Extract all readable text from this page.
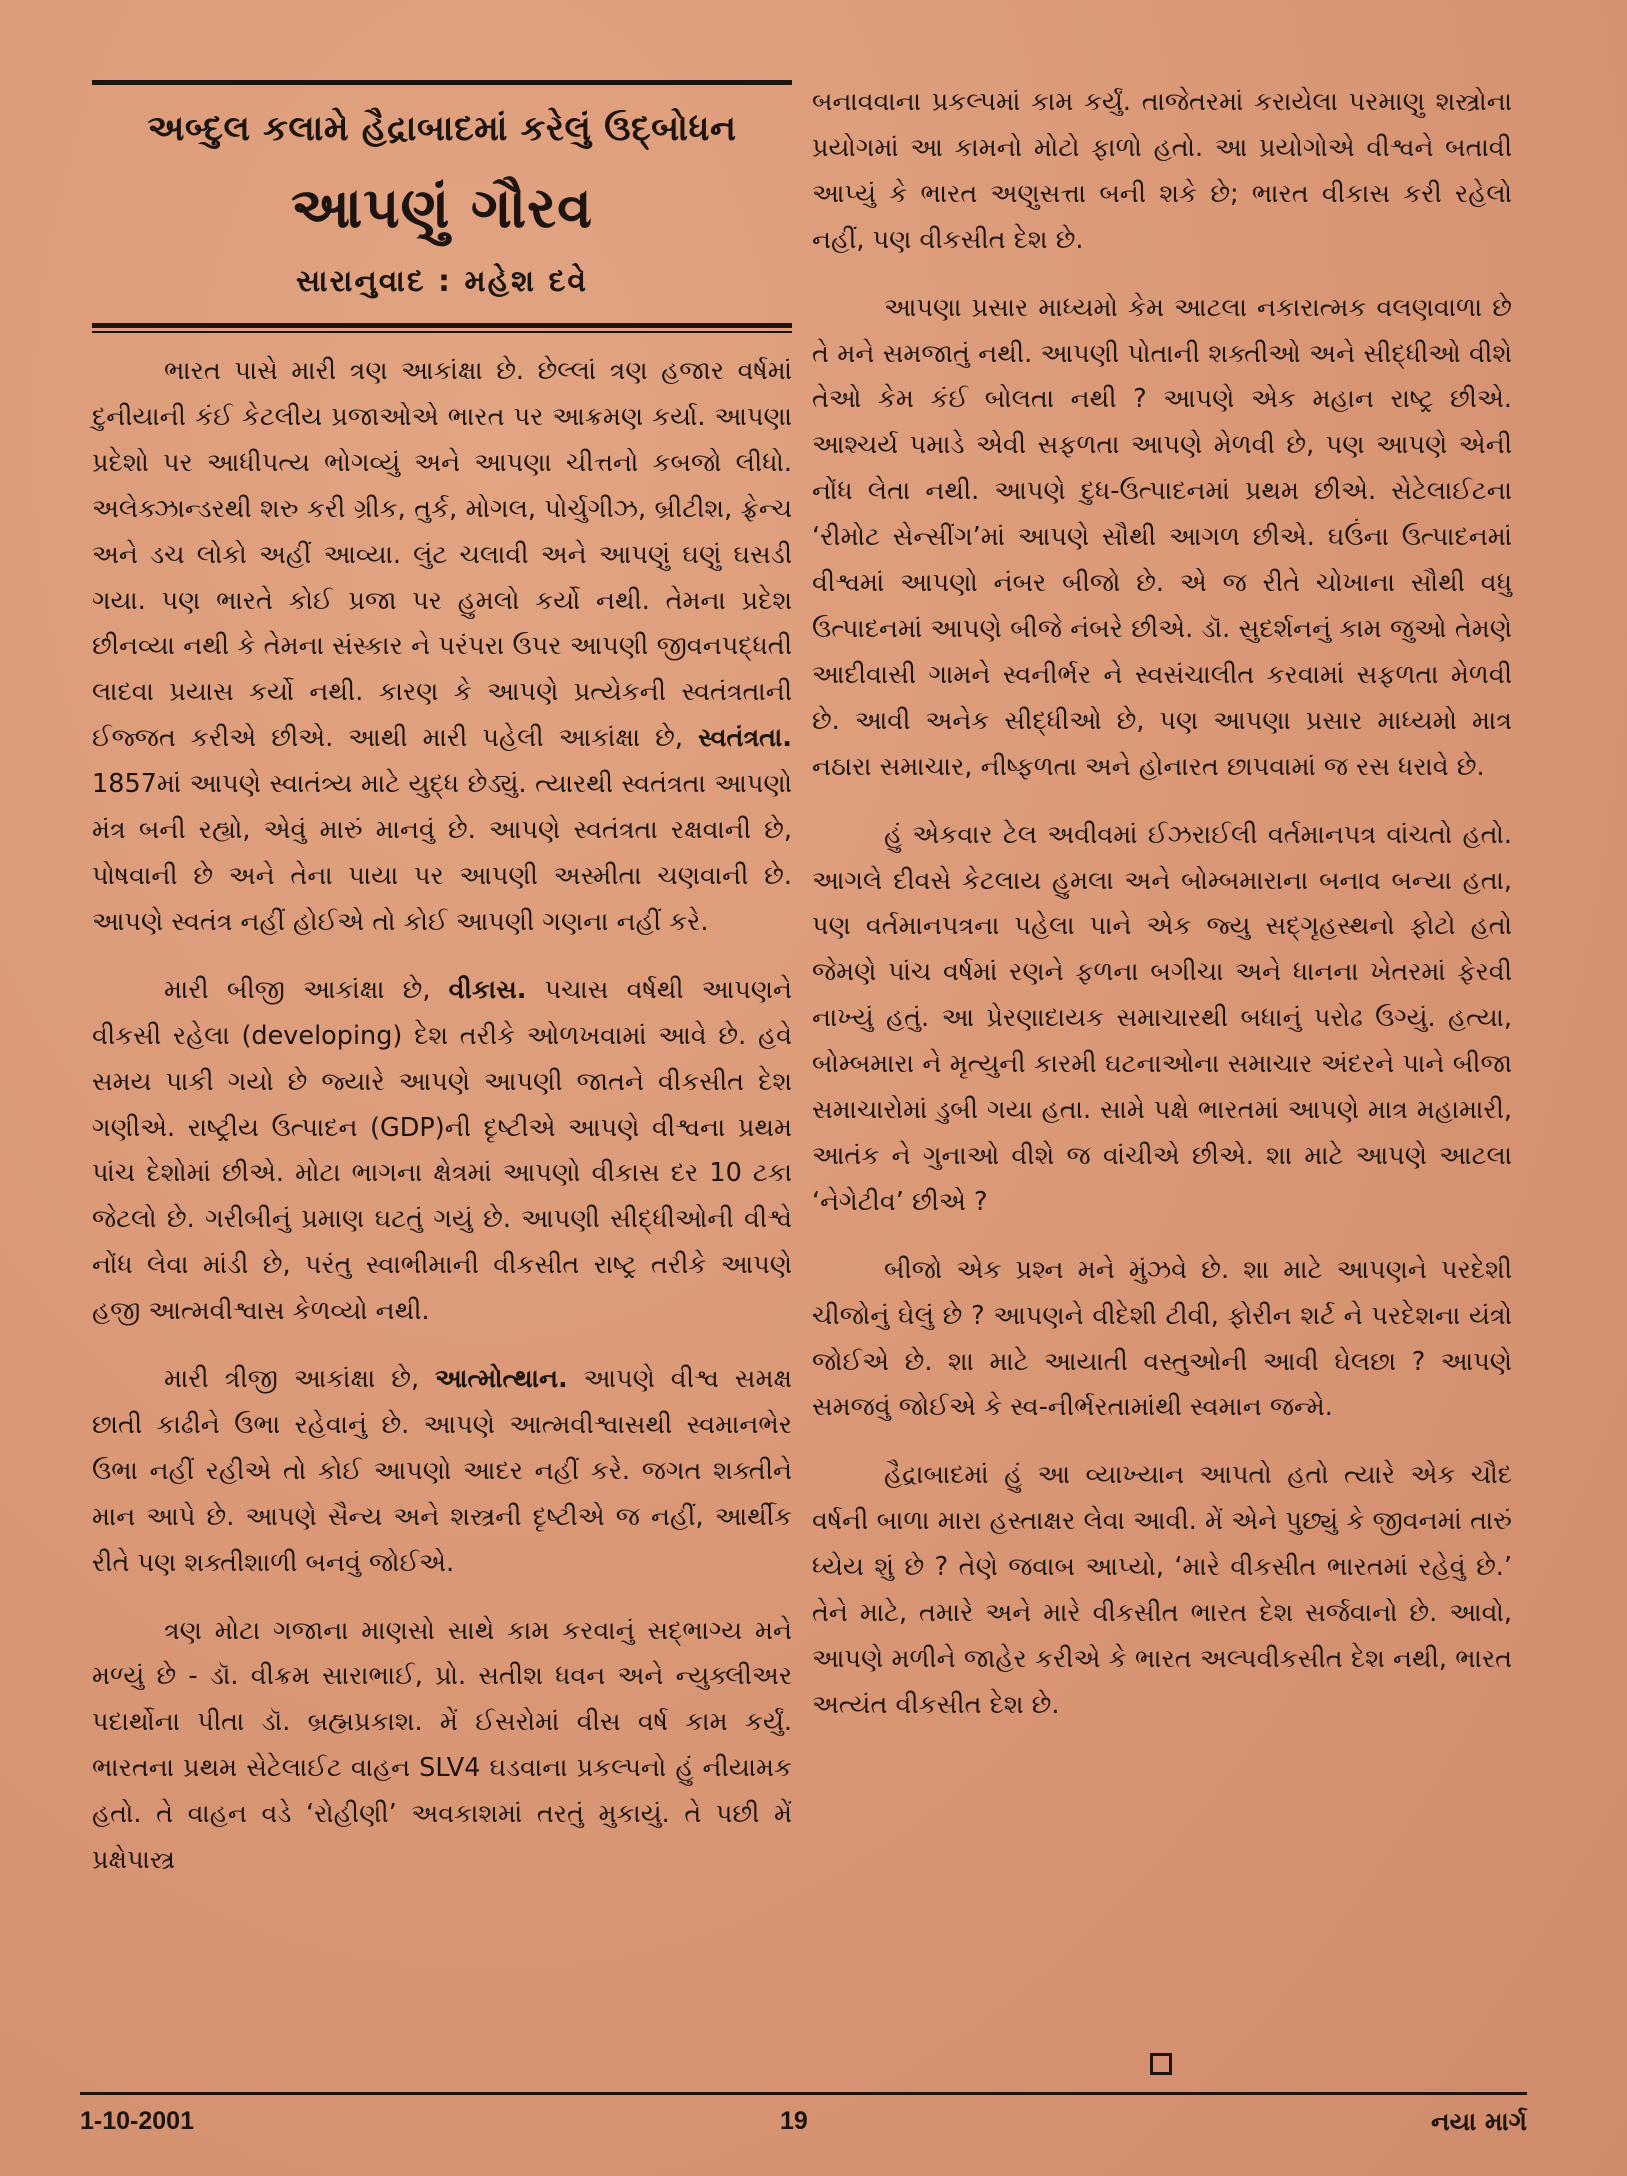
અબ્દુલ કલામે હૈદ્રાબાદમાં કરેલું ઉદ્‌બોધન
આપણું ગૌરવ
સારાનુવાદ : મહેશ દવે

ભારત પાસે મારી ત્રણ આકાંક્ષા છે. છેલ્લાં ત્રણ હજાર વર્ષમાં દુનીયાની કંઈ કેટલીય પ્રજાઓએ ભારત પર આક્રમણ કર્યા. આપણા પ્રદેશો પર આધીપત્ય ભોગવ્યું અને આપણા ચીત્તનો કબજો લીધો. અલેક્ઝાન્ડરથી શરુ કરી ગ્રીક, તુર્ક, મોગલ, પોર્ચુગીઝ, બ્રીટીશ, ફ્રેન્ચ અને ડચ લોકો અહીં આવ્યા. લુંટ ચલાવી અને આપણું ઘણું ઘસડી ગયા. પણ ભારતે કોઈ પ્રજા પર હુમલો કર્યો નથી. તેમના પ્રદેશ છીનવ્યા નથી કે તેમના સંસ્કાર ને પરંપરા ઉપર આપણી જીવનપદ્ધતી લાદવા પ્રયાસ કર્યો નથી. કારણ કે આપણે પ્રત્યેકની સ્વતંત્રતાની ઈજ્જત કરીએ છીએ. આથી મારી પહેલી આકાંક્ષા છે, સ્વતંત્રતા. 1857માં આપણે સ્વાતંત્ર્ય માટે યુદ્ધ છેડ્યું. ત્યારથી સ્વતંત્રતા આપણો મંત્ર બની રહ્યો, એવું મારું માનવું છે. આપણે સ્વતંત્રતા રક્ષવાની છે, પોષવાની છે અને તેના પાયા પર આપણી અસ્મીતા ચણવાની છે. આપણે સ્વતંત્ર નહીં હોઈએ તો કોઈ આપણી ગણના નહીં કરે.

મારી બીજી આકાંક્ષા છે, વીકાસ. પચાસ વર્ષથી આપણને વીકસી રહેલા (developing) દેશ તરીકે ઓળખવામાં આવે છે. હવે સમય પાકી ગયો છે જ્યારે આપણે આપણી જાતને વીકસીત દેશ ગણીએ. રાષ્ટ્રીય ઉત્પાદન (GDP)ની દૃષ્ટીએ આપણે વીશ્વના પ્રથમ પાંચ દેશોમાં છીએ. મોટા ભાગના ક્ષેત્રમાં આપણો વીકાસ દર 10 ટકા જેટલો છે. ગરીબીનું પ્રમાણ ઘટતું ગયું છે. આપણી સીદ્ધીઓની વીશ્વે નોંધ લેવા માંડી છે, પરંતુ સ્વાભીમાની વીકસીત રાષ્ટ્ર તરીકે આપણે હજી આત્મવીશ્વાસ કેળવ્યો નથી.

મારી ત્રીજી આકાંક્ષા છે, આત્મોત્થાન. આપણે વીશ્વ સમક્ષ છાતી કાઢીને ઉભા રહેવાનું છે. આપણે આત્મવીશ્વાસથી સ્વમાનભેર ઉભા નહીં રહીએ તો કોઈ આપણો આદર નહીં કરે. જગત શક્તીને માન આપે છે. આપણે સૈન્ય અને શસ્ત્રની દૃષ્ટીએ જ નહીં, આર્થીક રીતે પણ શક્તીશાળી બનવું જોઈએ.

ત્રણ મોટા ગજાના માણસો સાથે કામ કરવાનું સદ્‌ભાગ્ય મને મળ્યું છે - ડૉ. વીક્રમ સારાભાઈ, પ્રો. સતીશ ધવન અને ન્યુક્લીઅર પદાર્થોના પીતા ડૉ. બ્રહ્મપ્રકાશ. મેં ઈસરોમાં વીસ વર્ષ કામ કર્યું. ભારતના પ્રથમ સેટેલાઈટ વાહન SLV4 ઘડવાના પ્રકલ્પનો હું નીયામક હતો. તે વાહન વડે ‘રોહીણી’ અવકાશમાં તરતું મુકાયું. તે પછી મેં પ્રક્ષેપાસ્ત્ર

બનાવવાના પ્રકલ્પમાં કામ કર્યું. તાજેતરમાં કરાયેલા પરમાણુ શસ્ત્રોના પ્રયોગમાં આ કામનો મોટો ફાળો હતો. આ પ્રયોગોએ વીશ્વને બતાવી આપ્યું કે ભારત અણુસત્તા બની શકે છે; ભારત વીકાસ કરી રહેલો નહીં, પણ વીકસીત દેશ છે.

આપણા પ્રસાર માધ્યમો કેમ આટલા નકારાત્મક વલણવાળા છે તે મને સમજાતું નથી. આપણી પોતાની શક્તીઓ અને સીદ્ધીઓ વીશે તેઓ કેમ કંઈ બોલતા નથી ? આપણે એક મહાન રાષ્ટ્ર છીએ. આશ્ચર્ય પમાડે એવી સફળતા આપણે મેળવી છે, પણ આપણે એની નોંધ લેતા નથી. આપણે દુધ-ઉત્પાદનમાં પ્રથમ છીએ. સેટેલાઈટના ‘રીમોટ સેન્સીંગ’માં આપણે સૌથી આગળ છીએ. ઘઉંના ઉત્પાદનમાં વીશ્વમાં આપણો નંબર બીજો છે. એ જ રીતે ચોખાના સૌથી વધુ ઉત્પાદનમાં આપણે બીજે નંબરે છીએ. ડૉ. સુદર્શનનું કામ જુઓ તેમણે આદીવાસી ગામને સ્વનીર્ભર ને સ્વસંચાલીત કરવામાં સફળતા મેળવી છે. આવી અનેક સીદ્ધીઓ છે, પણ આપણા પ્રસાર માધ્યમો માત્ર નઠારા સમાચાર, નીષ્ફળતા અને હોનારત છાપવામાં જ રસ ધરાવે છે.

હું એકવાર ટેલ અવીવમાં ઈઝરાઈલી વર્તમાનપત્ર વાંચતો હતો. આગલે દીવસે કેટલાય હુમલા અને બોમ્બમારાના બનાવ બન્યા હતા, પણ વર્તમાનપત્રના પહેલા પાને એક જ્યુ સદ્‌ગૃહસ્થનો ફોટો હતો જેમણે પાંચ વર્ષમાં રણને ફળના બગીચા અને ધાનના ખેતરમાં ફેરવી નાખ્યું હતું. આ પ્રેરણાદાયક સમાચારથી બધાનું પરોઢ ઉગ્યું. હત્યા, બોમ્બમારા ને મૃત્યુની કારમી ઘટનાઓના સમાચાર અંદરને પાને બીજા સમાચારોમાં ડુબી ગયા હતા. સામે પક્ષે ભારતમાં આપણે માત્ર મહામારી, આતંક ને ગુનાઓ વીશે જ વાંચીએ છીએ. શા માટે આપણે આટલા ‘નેગેટીવ’ છીએ ?

બીજો એક પ્રશ્ન મને મુંઝવે છે. શા માટે આપણને પરદેશી ચીજોનું ઘેલું છે ? આપણને વીદેશી ટીવી, ફોરીન શર્ટ ને પરદેશના યંત્રો જોઈએ છે. શા માટે આયાતી વસ્તુઓની આવી ઘેલછા ? આપણે સમજવું જોઈએ કે સ્વ-નીર્ભરતામાંથી સ્વમાન જન્મે.

હૈદ્રાબાદમાં હું આ વ્યાખ્યાન આપતો હતો ત્યારે એક ચૌદ વર્ષની બાળા મારા હસ્તાક્ષર લેવા આવી. મેં એને પુછ્યું કે જીવનમાં તારું ધ્યેય શું છે ? તેણે જવાબ આપ્યો, ‘મારે વીકસીત ભારતમાં રહેવું છે.’ તેને માટે, તમારે અને મારે વીકસીત ભારત દેશ સર્જવાનો છે. આવો, આપણે મળીને જાહેર કરીએ કે ભારત અલ્પવીકસીત દેશ નથી, ભારત અત્યંત વીકસીત દેશ છે.

1-10-2001	19	નયા માર્ગ
